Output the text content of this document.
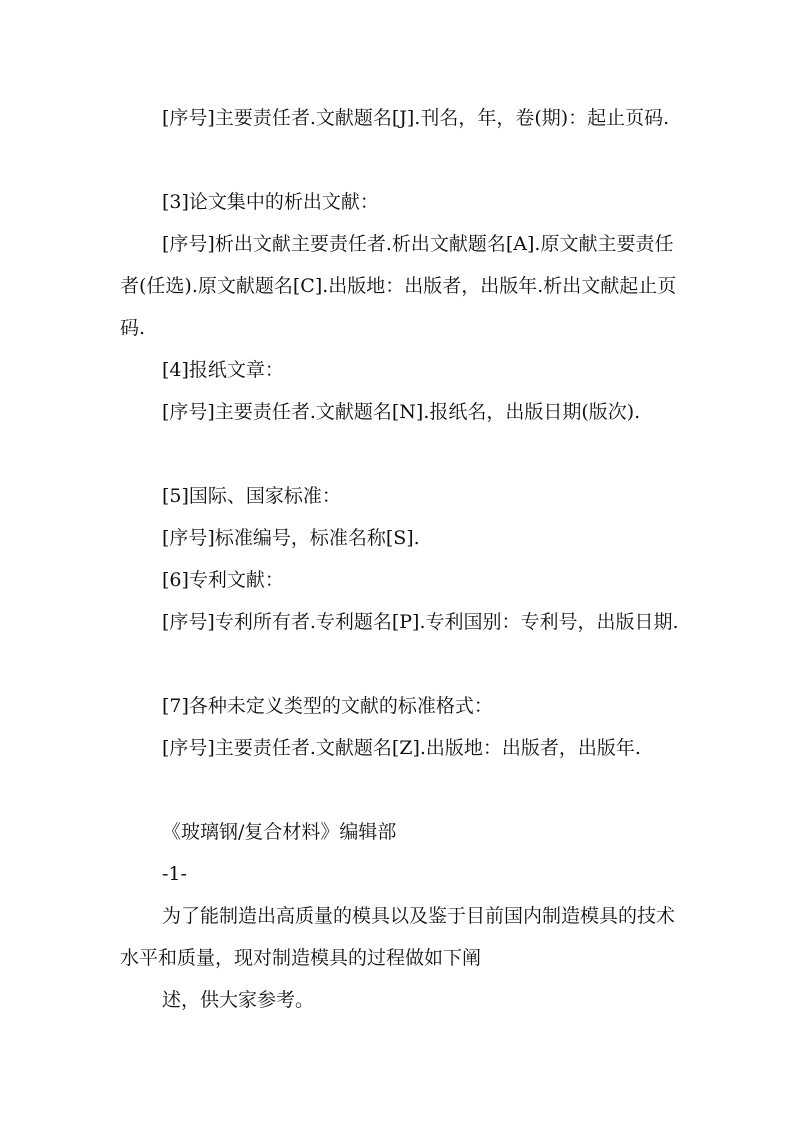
[序号]主要责任者.文献题名[J].刊名，年，卷(期)：起止页码.

[3]论文集中的析出文献：

[序号]析出文献主要责任者.析出文献题名[A].原文献主要责任者(任选).原文献题名[C].出版地：出版者，出版年.析出文献起止页码.

[4]报纸文章：

[序号]主要责任者.文献题名[N].报纸名，出版日期(版次).

[5]国际、国家标准：

[序号]标准编号，标准名称[S].

[6]专利文献：

[序号]专利所有者.专利题名[P].专利国别：专利号，出版日期.

[7]各种未定义类型的文献的标准格式：

[序号]主要责任者.文献题名[Z].出版地：出版者，出版年.

《玻璃钢/复合材料》编辑部

-1-

为了能制造出高质量的模具以及鉴于目前国内制造模具的技术水平和质量，现对制造模具的过程做如下阐

述，供大家参考。
